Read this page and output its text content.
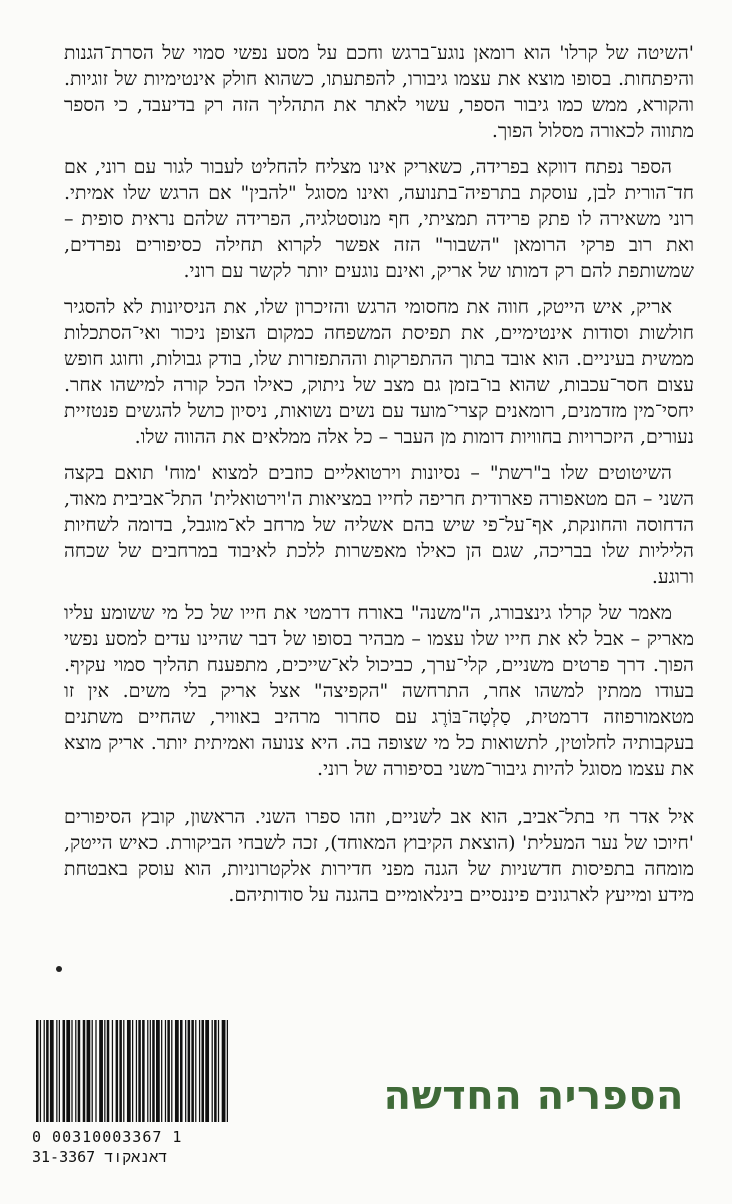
'השיטה של קרלו' הוא רומאן נוגע־ברגש וחכם על מסע נפשי סמוי של הסרת־הגנות והיפתחות. בסופו מוצא את עצמו גיבורו, להפתעתו, כשהוא חולק אינטימיות של זוגיות. והקורא, ממש כמו גיבור הספר, עשוי לאתר את התהליך הזה רק בדיעבד, כי הספר מתווה לכאורה מסלול הפוך.

הספר נפתח דווקא בפרידה, כשאריק אינו מצליח להחליט לעבור לגור עם רוני, אם חד־הורית לבן, עוסקת בתרפיה־בתנועה, ואינו מסוגל "להבין" אם הרגש שלו אמיתי. רוני משאירה לו פתק פרידה תמציתי, חף מנוסטלגיה, הפרידה שלהם נראית סופית – ואת רוב פרקי הרומאן "השבור" הזה אפשר לקרוא תחילה כסיפורים נפרדים, שמשותפת להם רק דמותו של אריק, ואינם נוגעים יותר לקשר עם רוני.

אריק, איש הייטק, חווה את מחסומי הרגש והזיכרון שלו, את הניסיונות לא להסגיר חולשות וסודות אינטימיים, את תפיסת המשפחה כמקום הצופן ניכור ואי־הסתכלות ממשית בעיניים. הוא אובד בתוך ההתפרקות וההתפזרות שלו, בודק גבולות, וחוגג חופש עצום חסר־עכבות, שהוא בו־בזמן גם מצב של ניתוק, כאילו הכל קורה למישהו אחר. יחסי־מין מזדמנים, רומאנים קצרי־מועד עם נשים נשואות, ניסיון כושל להגשים פנטזיית נעורים, היזכרויות בחוויות דומות מן העבר – כל אלה ממלאים את ההווה שלו.

השיטוטים שלו ב"רשת" – נסיונות וירטואליים כוזבים למצוא 'מוח' תואם בקצה השני – הם מטאפורה פארודית חריפה לחייו במציאות ה'וירטואלית' התל־אביבית מאוד, הדחוסה והחונקת, אף־על־פי שיש בהם אשליה של מרחב לא־מוגבל, בדומה לשחיות הליליות שלו בבריכה, שגם הן כאילו מאפשרות ללכת לאיבוד במרחבים של שכחה ורוגע.

מאמר של קרלו גינצבורג, ה"משנה" באורח דרמטי את חייו של כל מי ששומע עליו מאריק – אבל לא את חייו שלו עצמו – מבהיר בסופו של דבר שהיינו עדים למסע נפשי הפוך. דרך פרטים משניים, קלי־ערך, כביכול לא־שייכים, מתפענח תהליך סמוי עקיף. בעודו ממתין למשהו אחר, התרחשה "הקפיצה" אצל אריק בלי משים. אין זו מטאמורפוזה דרמטית, סַלְטָה־בּוֹרֶג עם סחרור מרהיב באוויר, שהחיים משתנים בעקבותיה לחלוטין, לתשואות כל מי שצופה בה. היא צנועה ואמיתית יותר. אריק מוצא את עצמו מסוגל להיות גיבור־משני בסיפורה של רוני.

איל אדר חי בתל־אביב, הוא אב לשניים, וזהו ספרו השני. הראשון, קובץ הסיפורים 'חיוכו של נער המעלית' (הוצאת הקיבוץ המאוחד), זכה לשבחי הביקורת. כאיש הייטק, מומחה בתפיסות חדשניות של הגנה מפני חדירות אלקטרוניות, הוא עוסק באבטחת מידע ומייעץ לארגונים פיננסיים בינלאומיים בהגנה על סודותיהם.

0 00310003367 1
31-3367 דאנאקוד
הספריה החדשה
